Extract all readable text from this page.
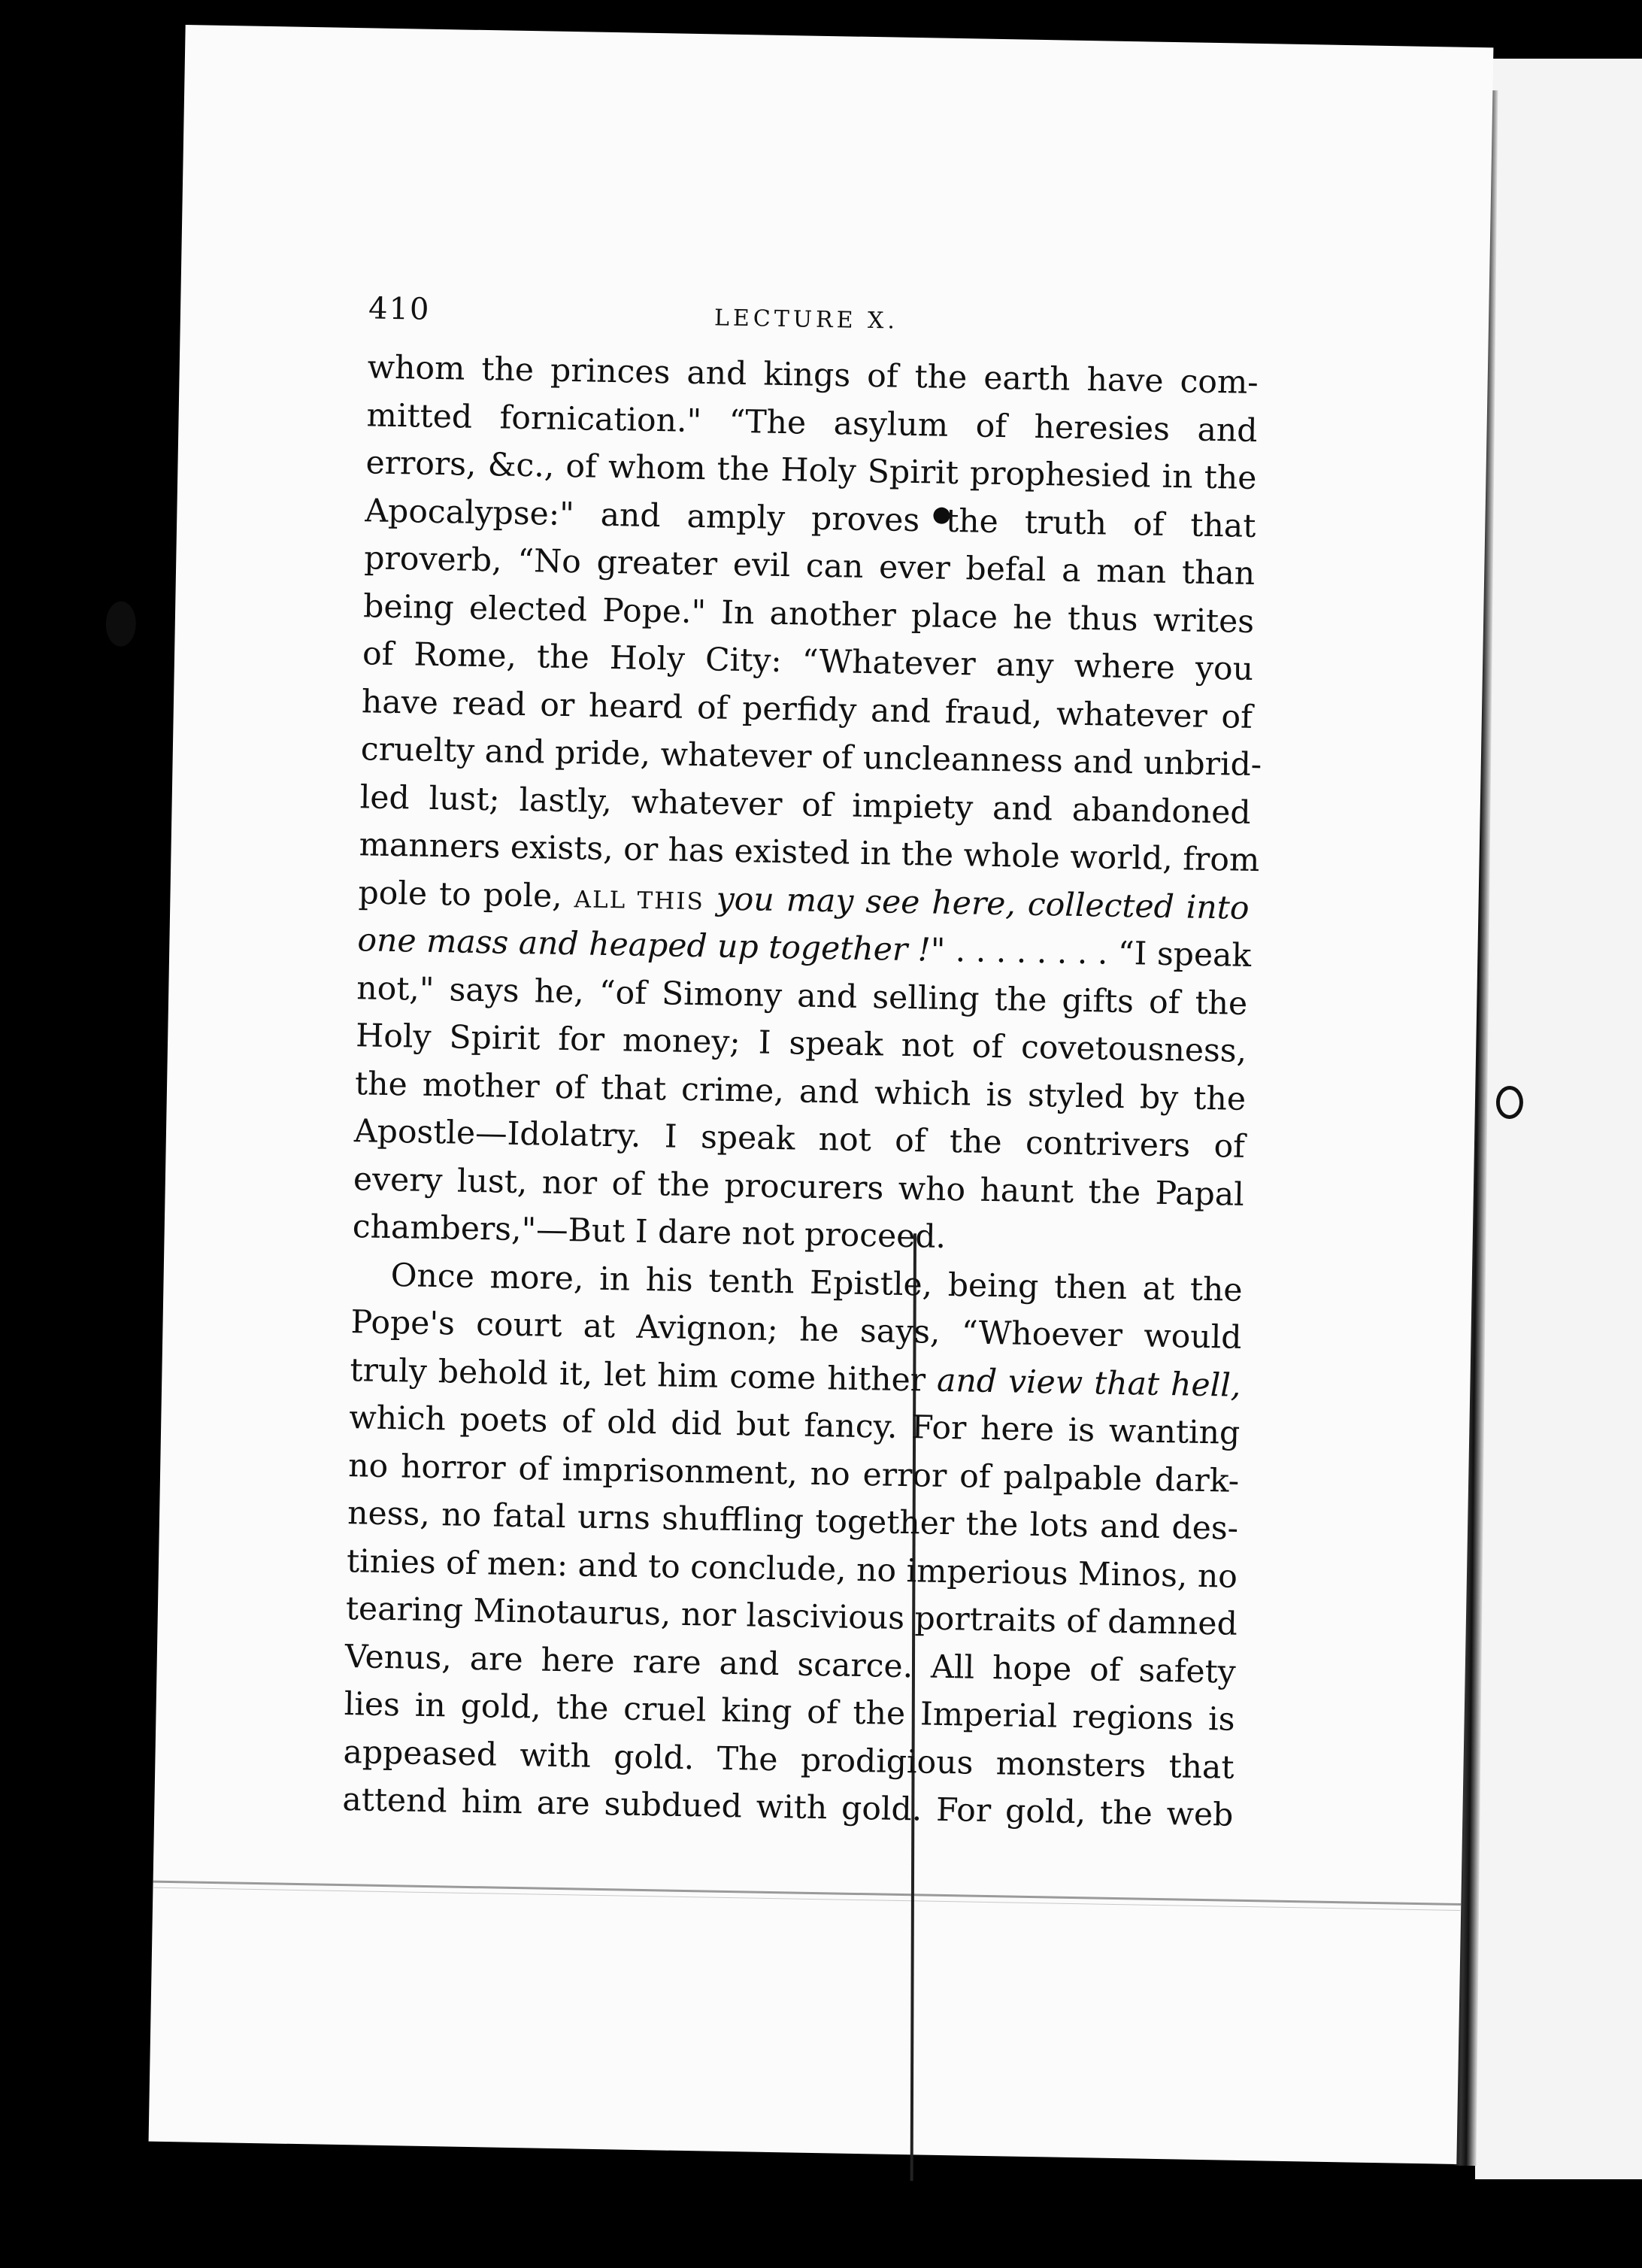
410	LECTURE X.
whom the princes and kings of the earth have com-
mitted fornication." “The asylum of heresies and
errors, &c., of whom the Holy Spirit prophesied in the
Apocalypse:" and amply proves the truth of that
proverb, “No greater evil can ever befal a man than
being elected Pope." In another place he thus writes
of Rome, the Holy City: “Whatever any where you
have read or heard of perfidy and fraud, whatever of
cruelty and pride, whatever of uncleanness and unbrid-
led lust; lastly, whatever of impiety and abandoned
manners exists, or has existed in the whole world, from
pole to pole, ALL THIS you may see here, collected into
one mass and heaped up together !" . . . . . . . . “I speak
not," says he, “of Simony and selling the gifts of the
Holy Spirit for money; I speak not of covetousness,
the mother of that crime, and which is styled by the
Apostle—Idolatry. I speak not of the contrivers of
every lust, nor of the procurers who haunt the Papal
chambers,"—But I dare not proceed.
Once more, in his tenth Epistle, being then at the
Pope's court at Avignon; he says, “Whoever would
truly behold it, let him come hither and view that hell,
which poets of old did but fancy. For here is wanting
no horror of imprisonment, no error of palpable dark-
ness, no fatal urns shuffling together the lots and des-
tinies of men: and to conclude, no imperious Minos, no
tearing Minotaurus, nor lascivious portraits of damned
Venus, are here rare and scarce. All hope of safety
lies in gold, the cruel king of the Imperial regions is
appeased with gold. The prodigious monsters that
attend him are subdued with gold. For gold, the web
